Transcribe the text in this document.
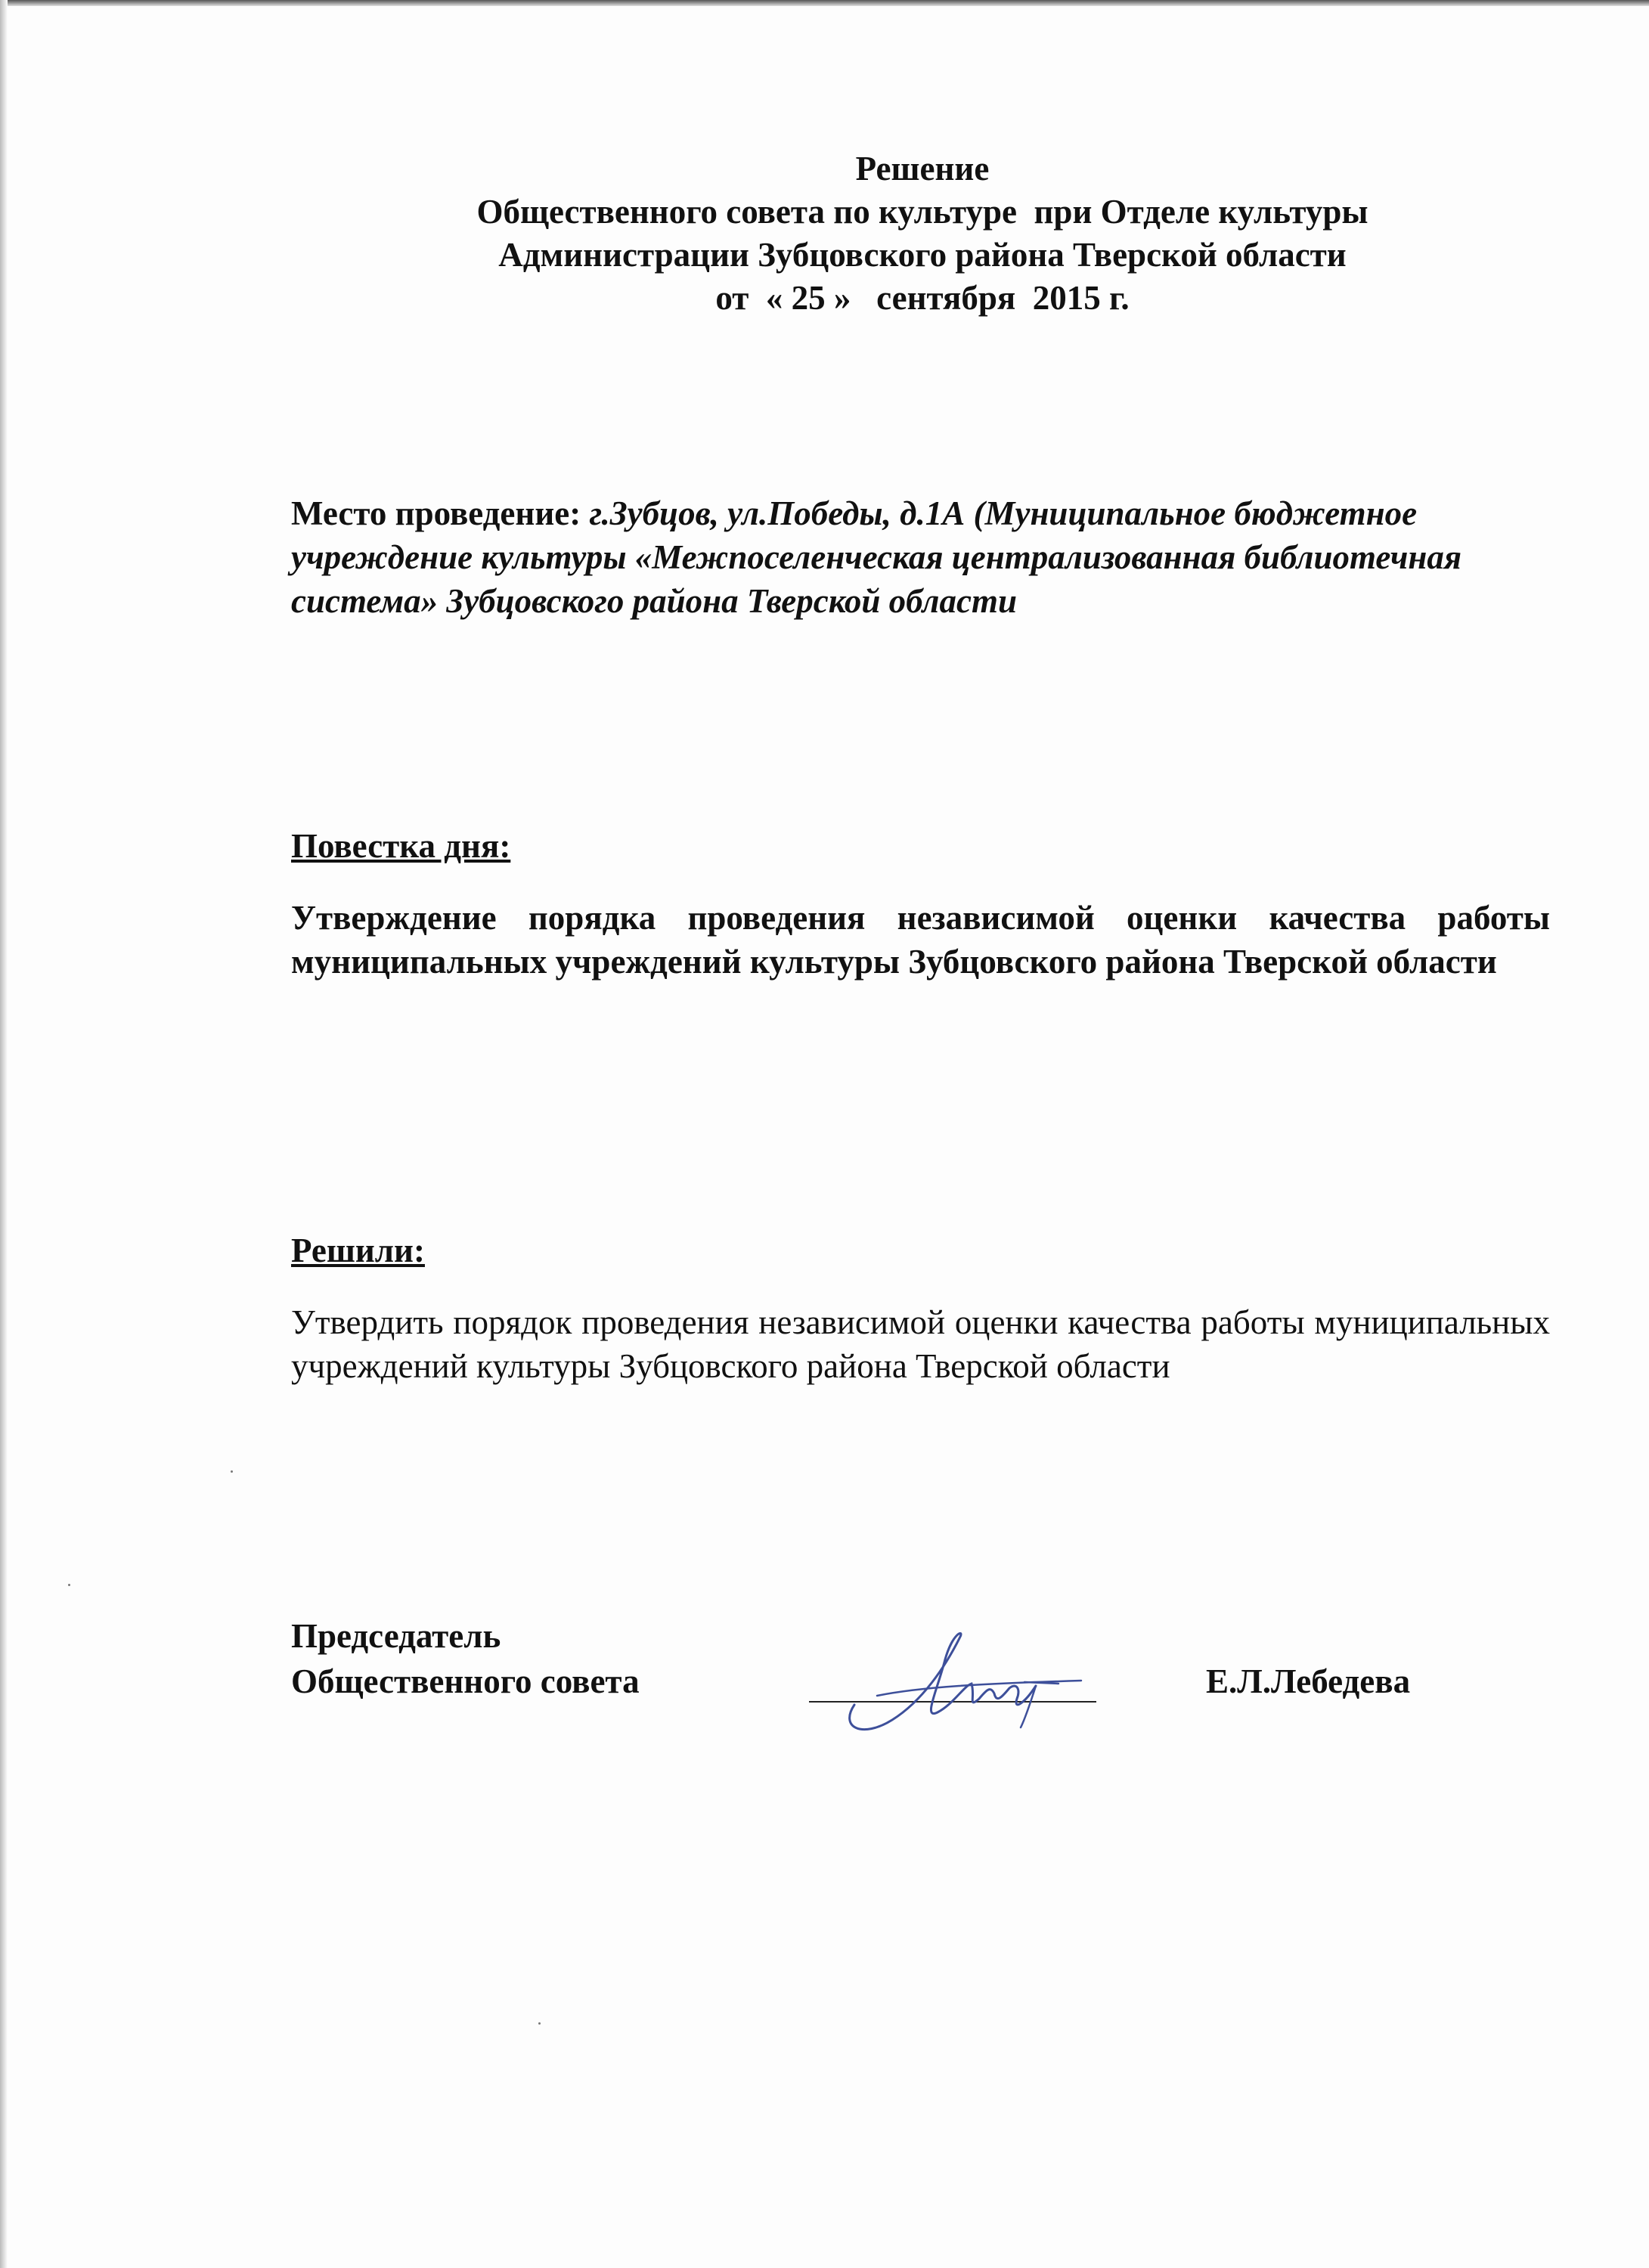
Решение
Общественного совета по культуре  при Отделе культуры
Администрации Зубцовского района Тверской области
от  « 25 »   сентября  2015 г.
Место проведение: г.Зубцов, ул.Победы, д.1А (Муниципальное бюджетное учреждение культуры «Межпоселенческая централизованная библиотечная система» Зубцовского района Тверской области
Повестка дня:
Утверждение порядка проведения независимой оценки качества работы муниципальных учреждений культуры Зубцовского района Тверской области
Решили:
Утвердить порядок проведения независимой оценки качества работы муниципальных учреждений культуры Зубцовского района Тверской области
Председатель
Общественного совета	Е.Л.Лебедева
